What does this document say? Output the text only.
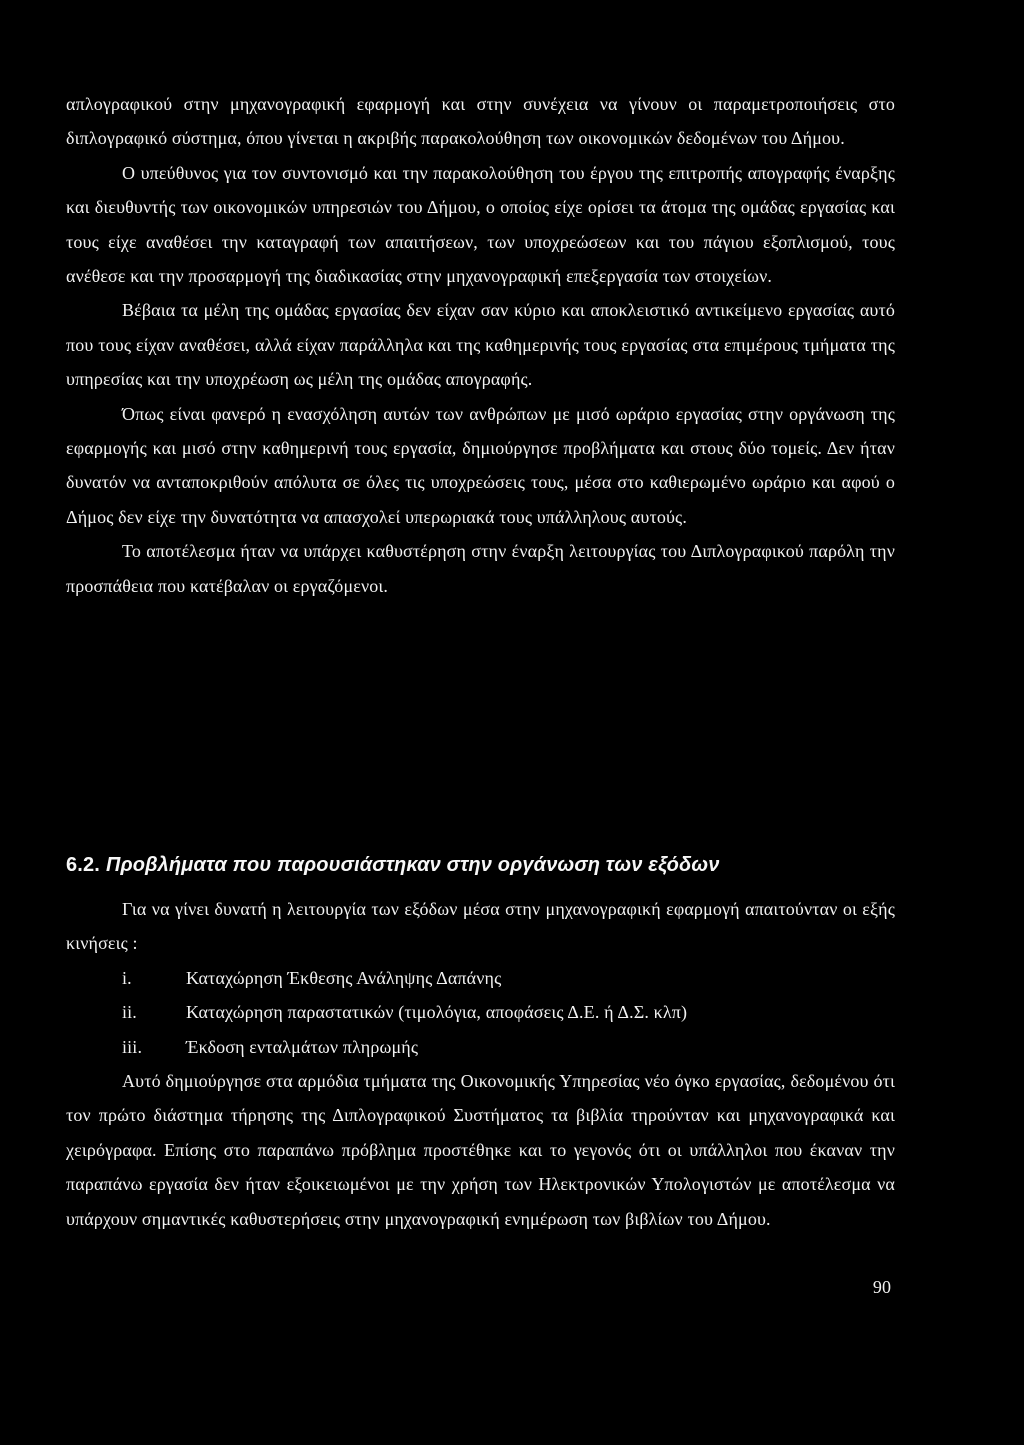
απλογραφικού στην μηχανογραφική εφαρμογή και στην συνέχεια να γίνουν οι παραμετροποιήσεις στο διπλογραφικό σύστημα, όπου γίνεται η ακριβής παρακολούθηση των οικονομικών δεδομένων του Δήμου.

Ο υπεύθυνος για τον συντονισμό και την παρακολούθηση του έργου της επιτροπής απογραφής έναρξης και διευθυντής των οικονομικών υπηρεσιών του Δήμου, ο οποίος είχε ορίσει τα άτομα της ομάδας εργασίας και τους είχε αναθέσει την καταγραφή των απαιτήσεων, των υποχρεώσεων και του πάγιου εξοπλισμού, τους ανέθεσε και την προσαρμογή της διαδικασίας στην μηχανογραφική επεξεργασία των στοιχείων.

Βέβαια τα μέλη της ομάδας εργασίας δεν είχαν σαν κύριο και αποκλειστικό αντικείμενο εργασίας αυτό που τους είχαν αναθέσει, αλλά είχαν παράλληλα και της καθημερινής τους εργασίας στα επιμέρους τμήματα της υπηρεσίας και την υποχρέωση ως μέλη της ομάδας απογραφής.

Όπως είναι φανερό η ενασχόληση αυτών των ανθρώπων με μισό ωράριο εργασίας στην οργάνωση της εφαρμογής και μισό στην καθημερινή τους εργασία, δημιούργησε προβλήματα και στους δύο τομείς. Δεν ήταν δυνατόν να ανταποκριθούν απόλυτα σε όλες τις υποχρεώσεις τους, μέσα στο καθιερωμένο ωράριο και αφού ο Δήμος δεν είχε την δυνατότητα να απασχολεί υπερωριακά τους υπάλληλους αυτούς.

Το αποτέλεσμα ήταν να υπάρχει καθυστέρηση στην έναρξη λειτουργίας του Διπλογραφικού παρόλη την προσπάθεια που κατέβαλαν οι εργαζόμενοι.

6.2. Προβλήματα που παρουσιάστηκαν στην οργάνωση των εξόδων

Για να γίνει δυνατή η λειτουργία των εξόδων μέσα στην μηχανογραφική εφαρμογή απαιτούνταν οι εξής κινήσεις :

i.	Καταχώρηση Έκθεσης Ανάληψης Δαπάνης
ii.	Καταχώρηση παραστατικών (τιμολόγια, αποφάσεις Δ.Ε. ή Δ.Σ. κλπ)
iii. Έκδοση ενταλμάτων πληρωμής

Αυτό δημιούργησε στα αρμόδια τμήματα της Οικονομικής Υπηρεσίας νέο όγκο εργασίας, δεδομένου ότι τον πρώτο διάστημα τήρησης της Διπλογραφικού Συστήματος τα βιβλία τηρούνταν και μηχανογραφικά και χειρόγραφα. Επίσης στο παραπάνω πρόβλημα προστέθηκε και το γεγονός ότι οι υπάλληλοι που έκαναν την παραπάνω εργασία δεν ήταν εξοικειωμένοι με την χρήση των Ηλεκτρονικών Υπολογιστών με αποτέλεσμα να υπάρχουν σημαντικές καθυστερήσεις στην μηχανογραφική ενημέρωση των βιβλίων του Δήμου.

90
